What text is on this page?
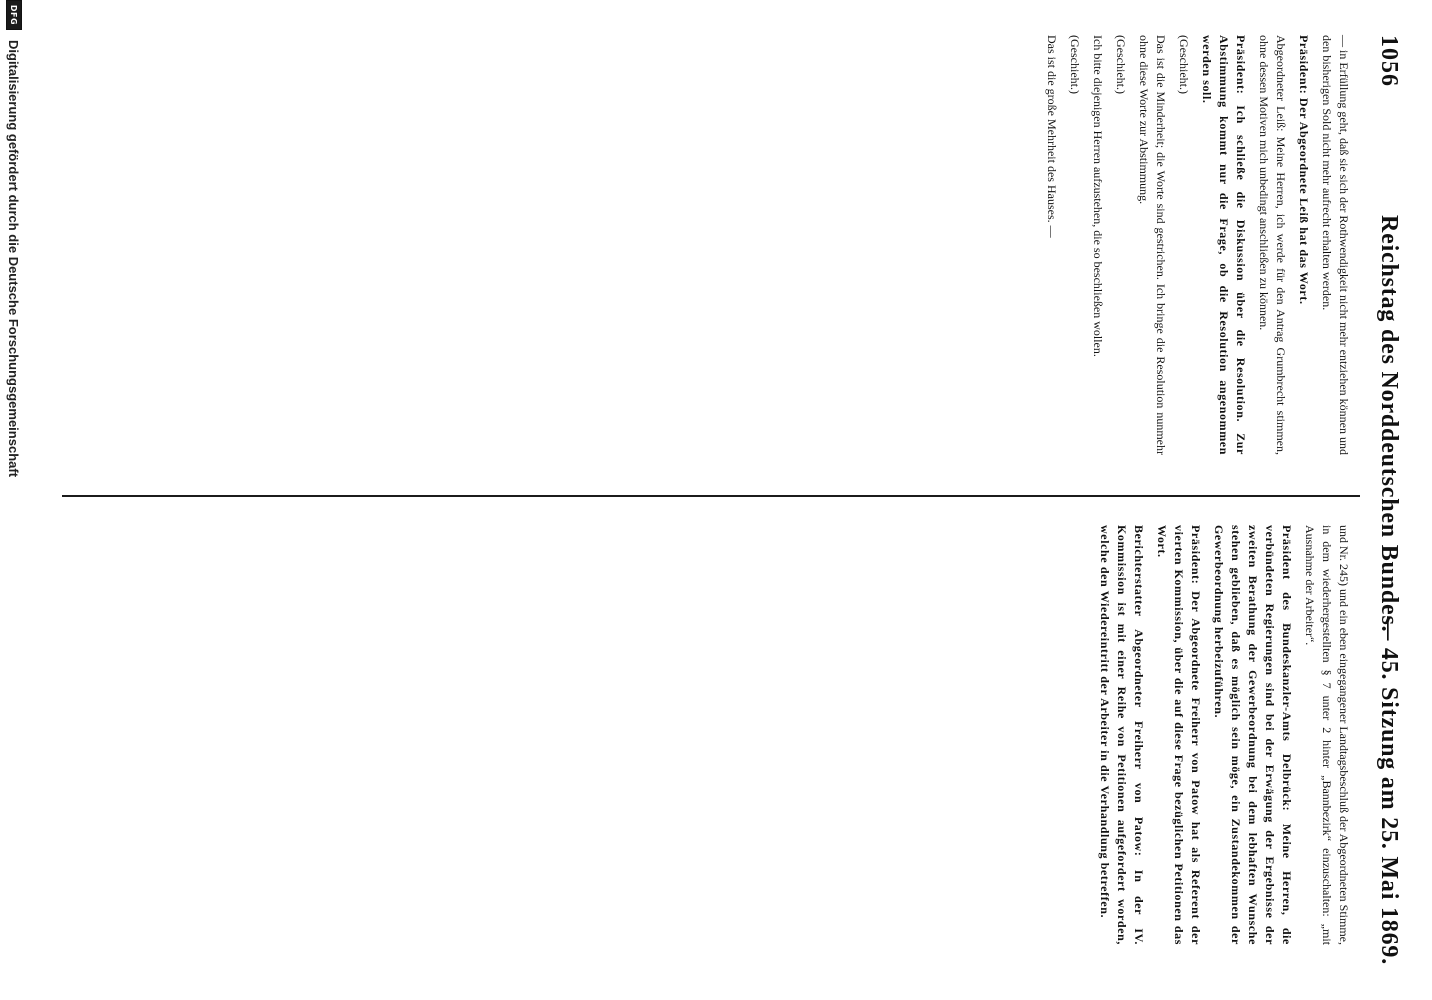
1056
Reichstag des Norddeutschen Bundes.
— 45. Sitzung am 25. Mai 1869.

— in Erfüllung geht, daß sie sich der Rothwendigkeit nicht mehr entziehen können und den bisherigen Sold nicht mehr aufrecht erhalten werden.

Präsident: Der Abgeordnete Leiß hat das Wort.

Abgeordneter Leiß: Meine Herren, ich werde für den Antrag Grumbrecht stimmen, ohne dessen Motiven mich unbedingt anschließen zu können.

Präsident: Ich schließe die Diskussion über die Resolution. Zur Abstimmung kommt nur die Frage, ob die Resolution angenommen werden soll.

(Geschieht.)

Das ist die Minderheit; die Worte sind gestrichen. Ich bringe die Resolution nunmehr ohne diese Worte zur Abstimmung.

(Geschieht.)

Ich bitte diejenigen Herren aufzustehen, die so beschließen wollen.

(Geschieht.)

Das ist die große Mehrheit des Hauses. —

und Nr. 245) und ein eben eingegangener Landtagsbeschluß der Abgeordneten Stimme, in dem wiederhergestellten § 7 unter 2 hinter „Bannbezirk“ einzuschalten: „mit Ausnahme der Arbeiter“.

Präsident des Bundeskanzler-Amts Delbrück: Meine Herren, die verbündeten Regierungen sind bei der Erwägung der Ergebnisse der zweiten Berathung der Gewerbeordnung bei dem lebhaften Wunsche stehen geblieben, daß es möglich sein möge, ein Zustandekommen der Gewerbeordnung herbeizuführen.

Präsident: Der Abgeordnete Freiherr von Patow hat als Referent der vierten Kommission, über die auf diese Frage bezüglichen Petitionen das Wort.

Berichterstatter Abgeordneter Freiherr von Patow: In der IV. Kommission ist mit einer Reihe von Petitionen aufgefordert worden, welche den Wiedereintritt der Arbeiter in die Verhandlung betreffen.

DFG
Digitalisierung gefördert durch die Deutsche Forschungsgemeinschaft
